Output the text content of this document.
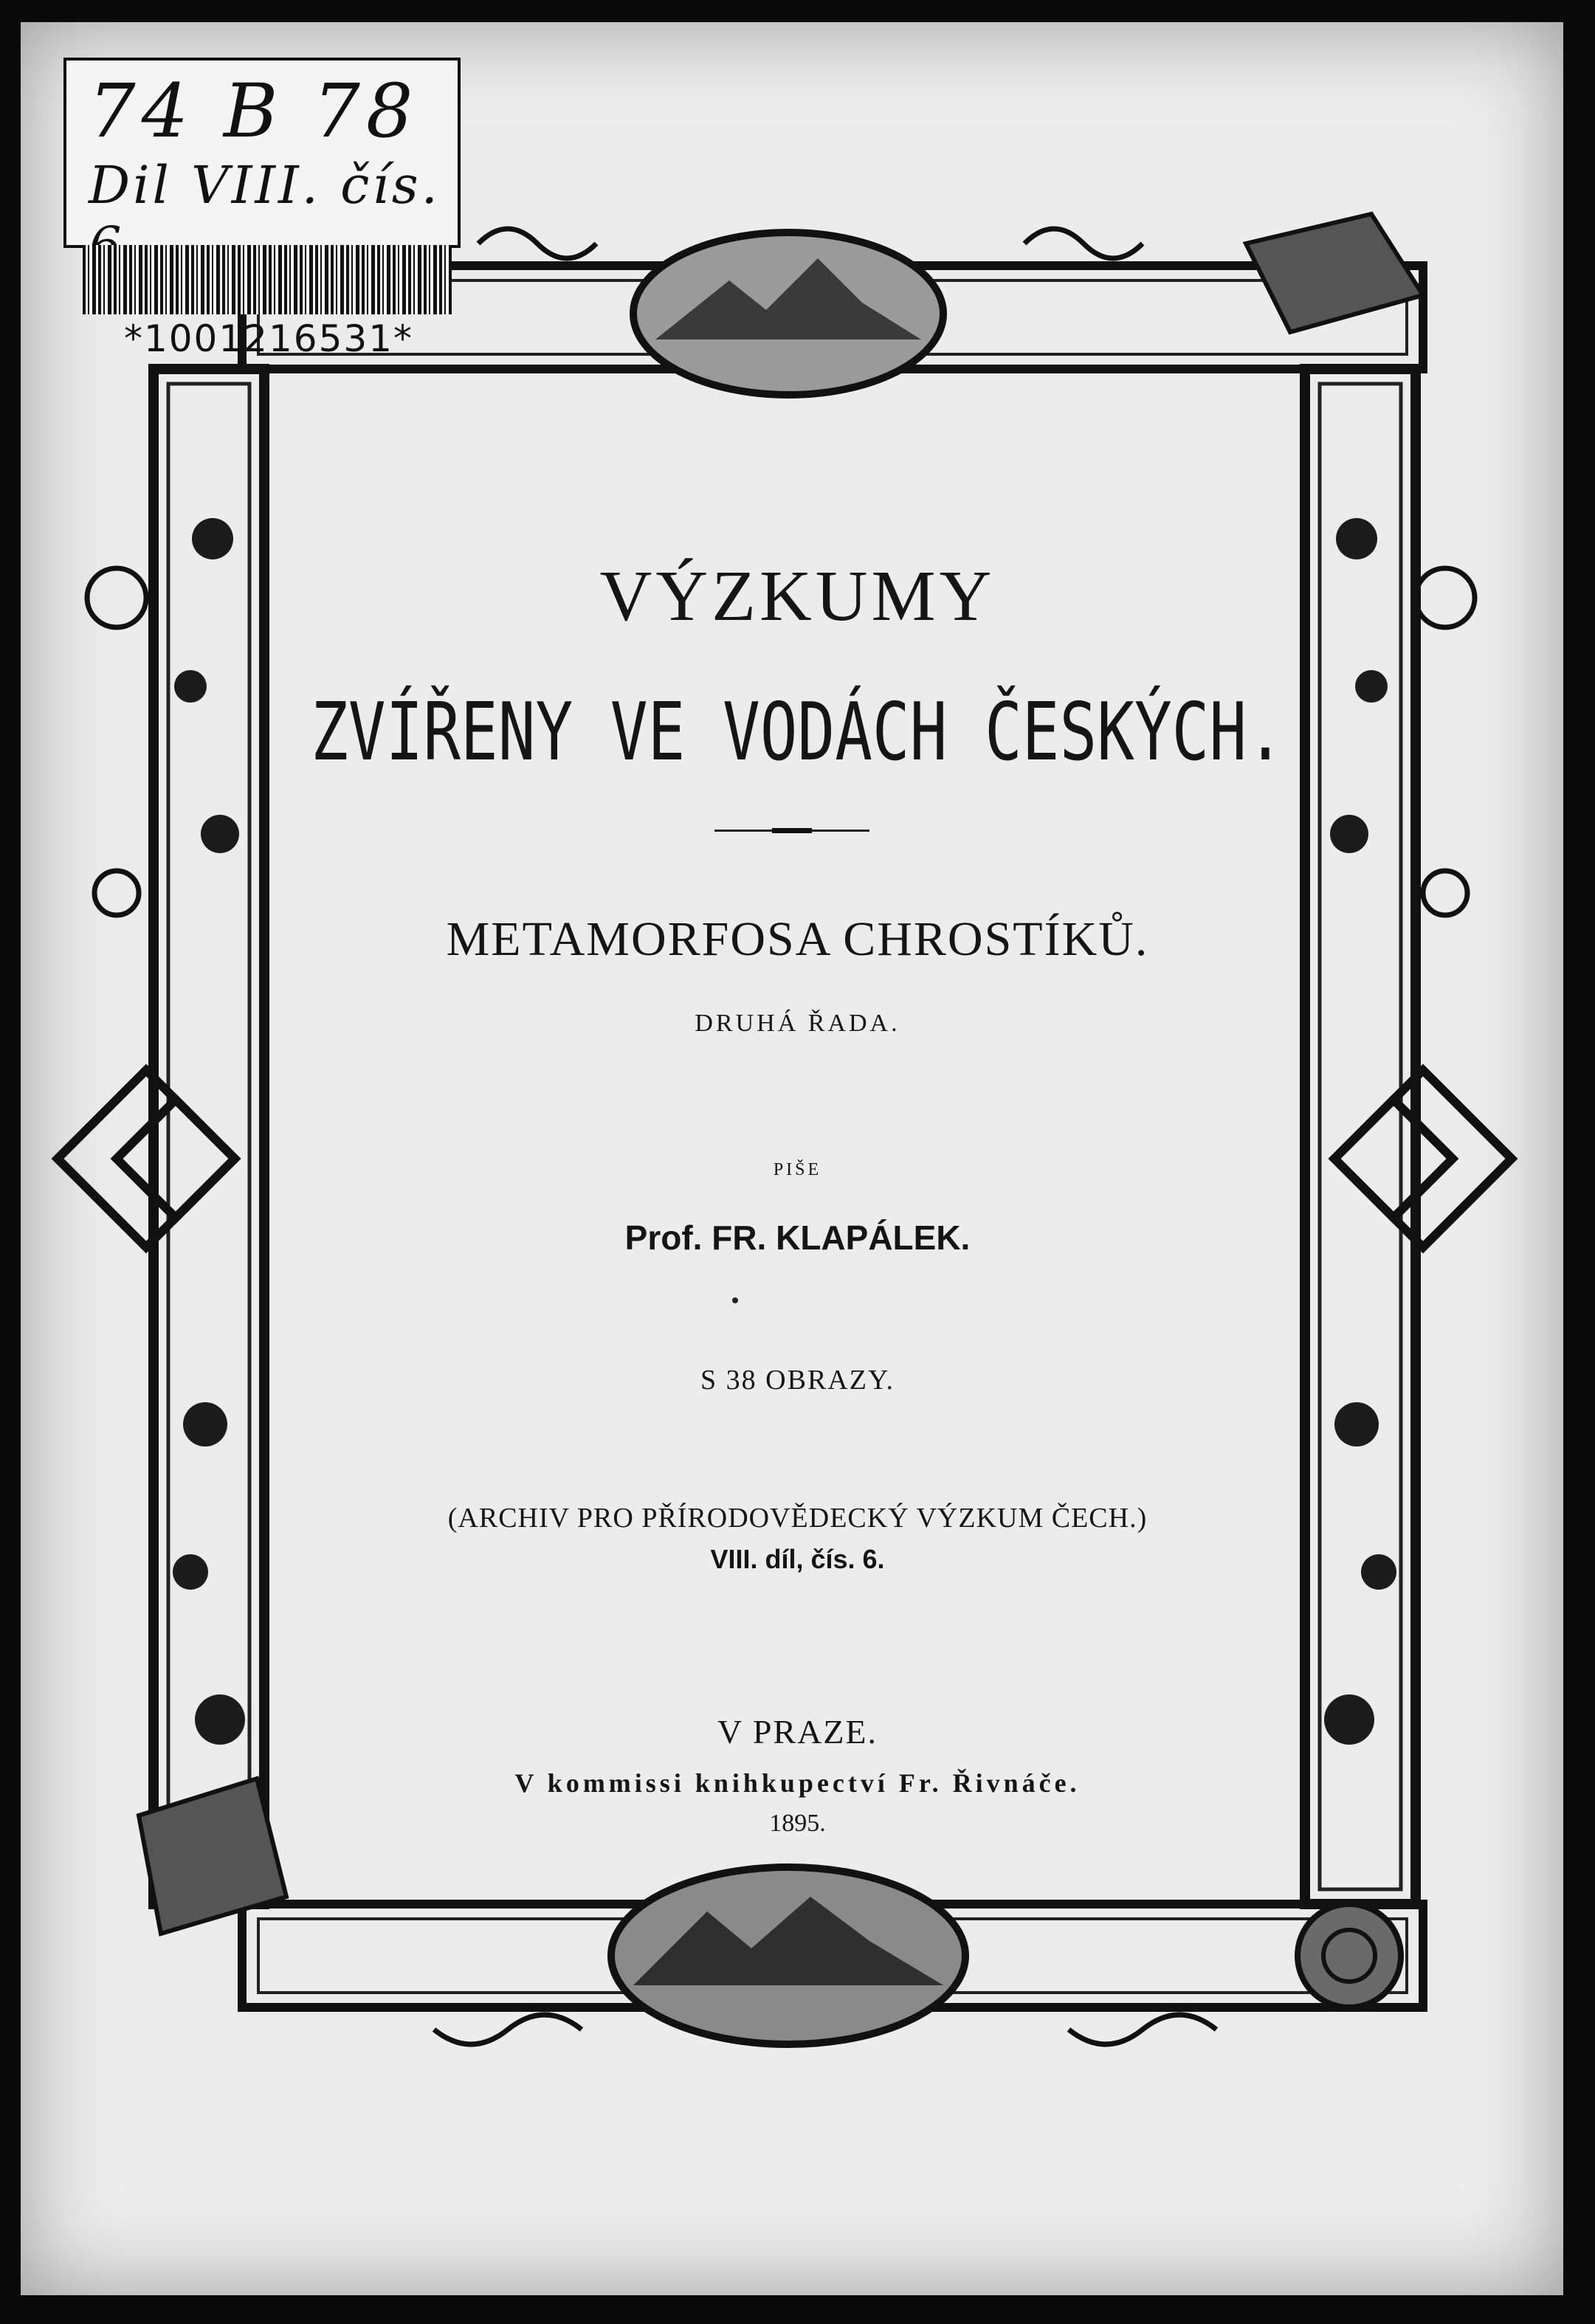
74 B 78
Dil VIII. čís.
*1001216531*
VÝZKUMY
ZVÍŘENY VE VODÁCH ČESKÝCH.
METAMORFOSA CHROSTÍKŮ.
DRUHÁ ŘADA.
PIŠE
Prof. FR. KLAPÁLEK.
S 38 OBRAZY.
(ARCHIV PRO PŘÍRODOVĚDECKÝ VÝZKUM ČECH.)
VIII. díl, čís. 6.
V PRAZE.
V kommissi knihkupectví Fr. Řivnáče.
1895.
